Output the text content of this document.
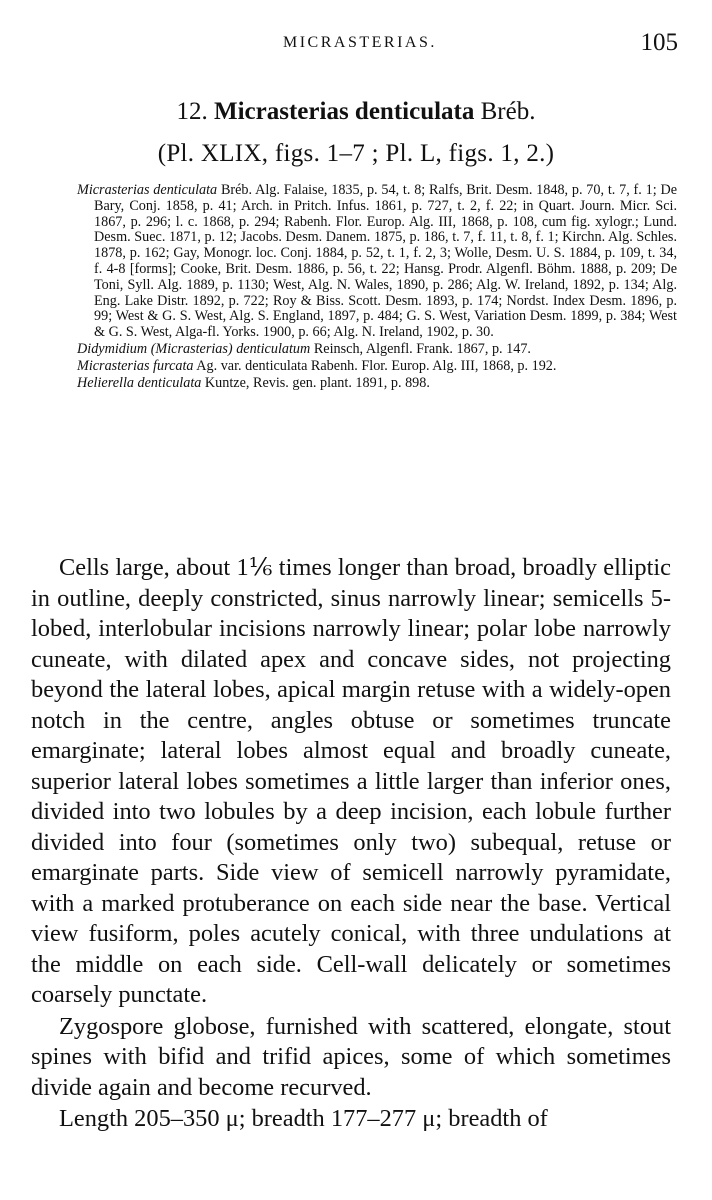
MICRASTERIAS.	105
12. Micrasterias denticulata Bréb.
(Pl. XLIX, figs. 1–7 ; Pl. L, figs. 1, 2.)
Micrasterias denticulata Bréb. Alg. Falaise, 1835, p. 54, t. 8; Ralfs, Brit. Desm. 1848, p. 70, t. 7, f. 1; De Bary, Conj. 1858, p. 41; Arch. in Pritch. Infus. 1861, p. 727, t. 2, f. 22; in Quart. Journ. Micr. Sci. 1867, p. 296; l. c. 1868, p. 294; Rabenh. Flor. Europ. Alg. III, 1868, p. 108, cum fig. xylogr.; Lund. Desm. Suec. 1871, p. 12; Jacobs. Desm. Danem. 1875, p. 186, t. 7, f. 11, t. 8, f. 1; Kirchn. Alg. Schles. 1878, p. 162; Gay, Monogr. loc. Conj. 1884, p. 52, t. 1, f. 2, 3; Wolle, Desm. U. S. 1884, p. 109, t. 34, f. 4-8 [forms]; Cooke, Brit. Desm. 1886, p. 56, t. 22; Hansg. Prodr. Algenfl. Böhm. 1888, p. 209; De Toni, Syll. Alg. 1889, p. 1130; West, Alg. N. Wales, 1890, p. 286; Alg. W. Ireland, 1892, p. 134; Alg. Eng. Lake Distr. 1892, p. 722; Roy & Biss. Scott. Desm. 1893, p. 174; Nordst. Index Desm. 1896, p. 99; West & G. S. West, Alg. S. England, 1897, p. 484; G. S. West, Variation Desm. 1899, p. 384; West & G. S. West, Alga-fl. Yorks. 1900, p. 66; Alg. N. Ireland, 1902, p. 30.
Didymidium (Micrasterias) denticulatum Reinsch, Algenfl. Frank. 1867, p. 147.
Micrasterias furcata Ag. var. denticulata Rabenh. Flor. Europ. Alg. III, 1868, p. 192.
Helierella denticulata Kuntze, Revis. gen. plant. 1891, p. 898.

Cells large, about 1⅙ times longer than broad, broadly elliptic in outline, deeply constricted, sinus narrowly linear; semicells 5-lobed, interlobular incisions narrowly linear; polar lobe narrowly cuneate, with dilated apex and concave sides, not projecting beyond the lateral lobes, apical margin retuse with a widely-open notch in the centre, angles obtuse or sometimes truncate emarginate; lateral lobes almost equal and broadly cuneate, superior lateral lobes sometimes a little larger than inferior ones, divided into two lobules by a deep incision, each lobule further divided into four (sometimes only two) subequal, retuse or emarginate parts. Side view of semicell narrowly pyramidate, with a marked protuberance on each side near the base. Vertical view fusiform, poles acutely conical, with three undulations at the middle on each side. Cell-wall delicately or sometimes coarsely punctate.

Zygospore globose, furnished with scattered, elongate, stout spines with bifid and trifid apices, some of which sometimes divide again and become recurved.

Length 205–350 μ; breadth 177–277 μ; breadth of
